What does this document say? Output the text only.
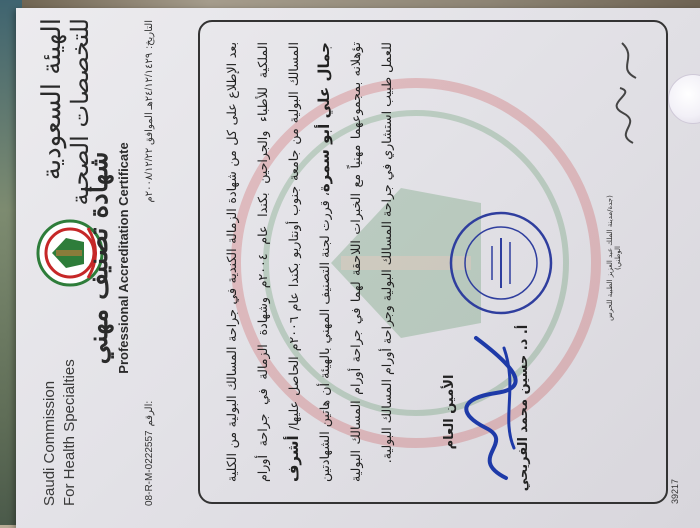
الهيئة السعودية للتخصصات الصحية
Saudi Commission For Health Specialties
شهادة تصنيف مهني Professional Accreditation Certificate
التاريخ:٢٤/١٢/١٤٢٩هـ الموافق ٢٠٠٨/١٢/٢٢م
08-R-M-0222557الرقم:	بعد الإطلاع على كل من شهادة الزمالة الكندية في جراحة المسالك البولية من الكلية الملكية للأطباء والجراحين بكندا عام ٢٠٠٤م وشهادة الزمالة في جراحة أورام المسالك البولية من جامعة جنوب أونتاريو بكندا عام ٢٠٠٦م الحاصل عليها/ أشرف جمال علي أبو سمرة، قررت لجنة التصنيف المهني بالهيئة أن هاتين الشهادتين تؤهلانه بمجموعهما مهنياً مع الخبرات اللاحقة لهما في جراحة أورام المسالك البولية للعمل طبيب استشاري في جراحة المسالك البولية وجراحة أورام المسالك البولية.	الأمين العام	أ. د. حسين محمد الفريحي
(جدة/مدينة الملك عبد العزيز الطبية للحرس الوطني)
39217
